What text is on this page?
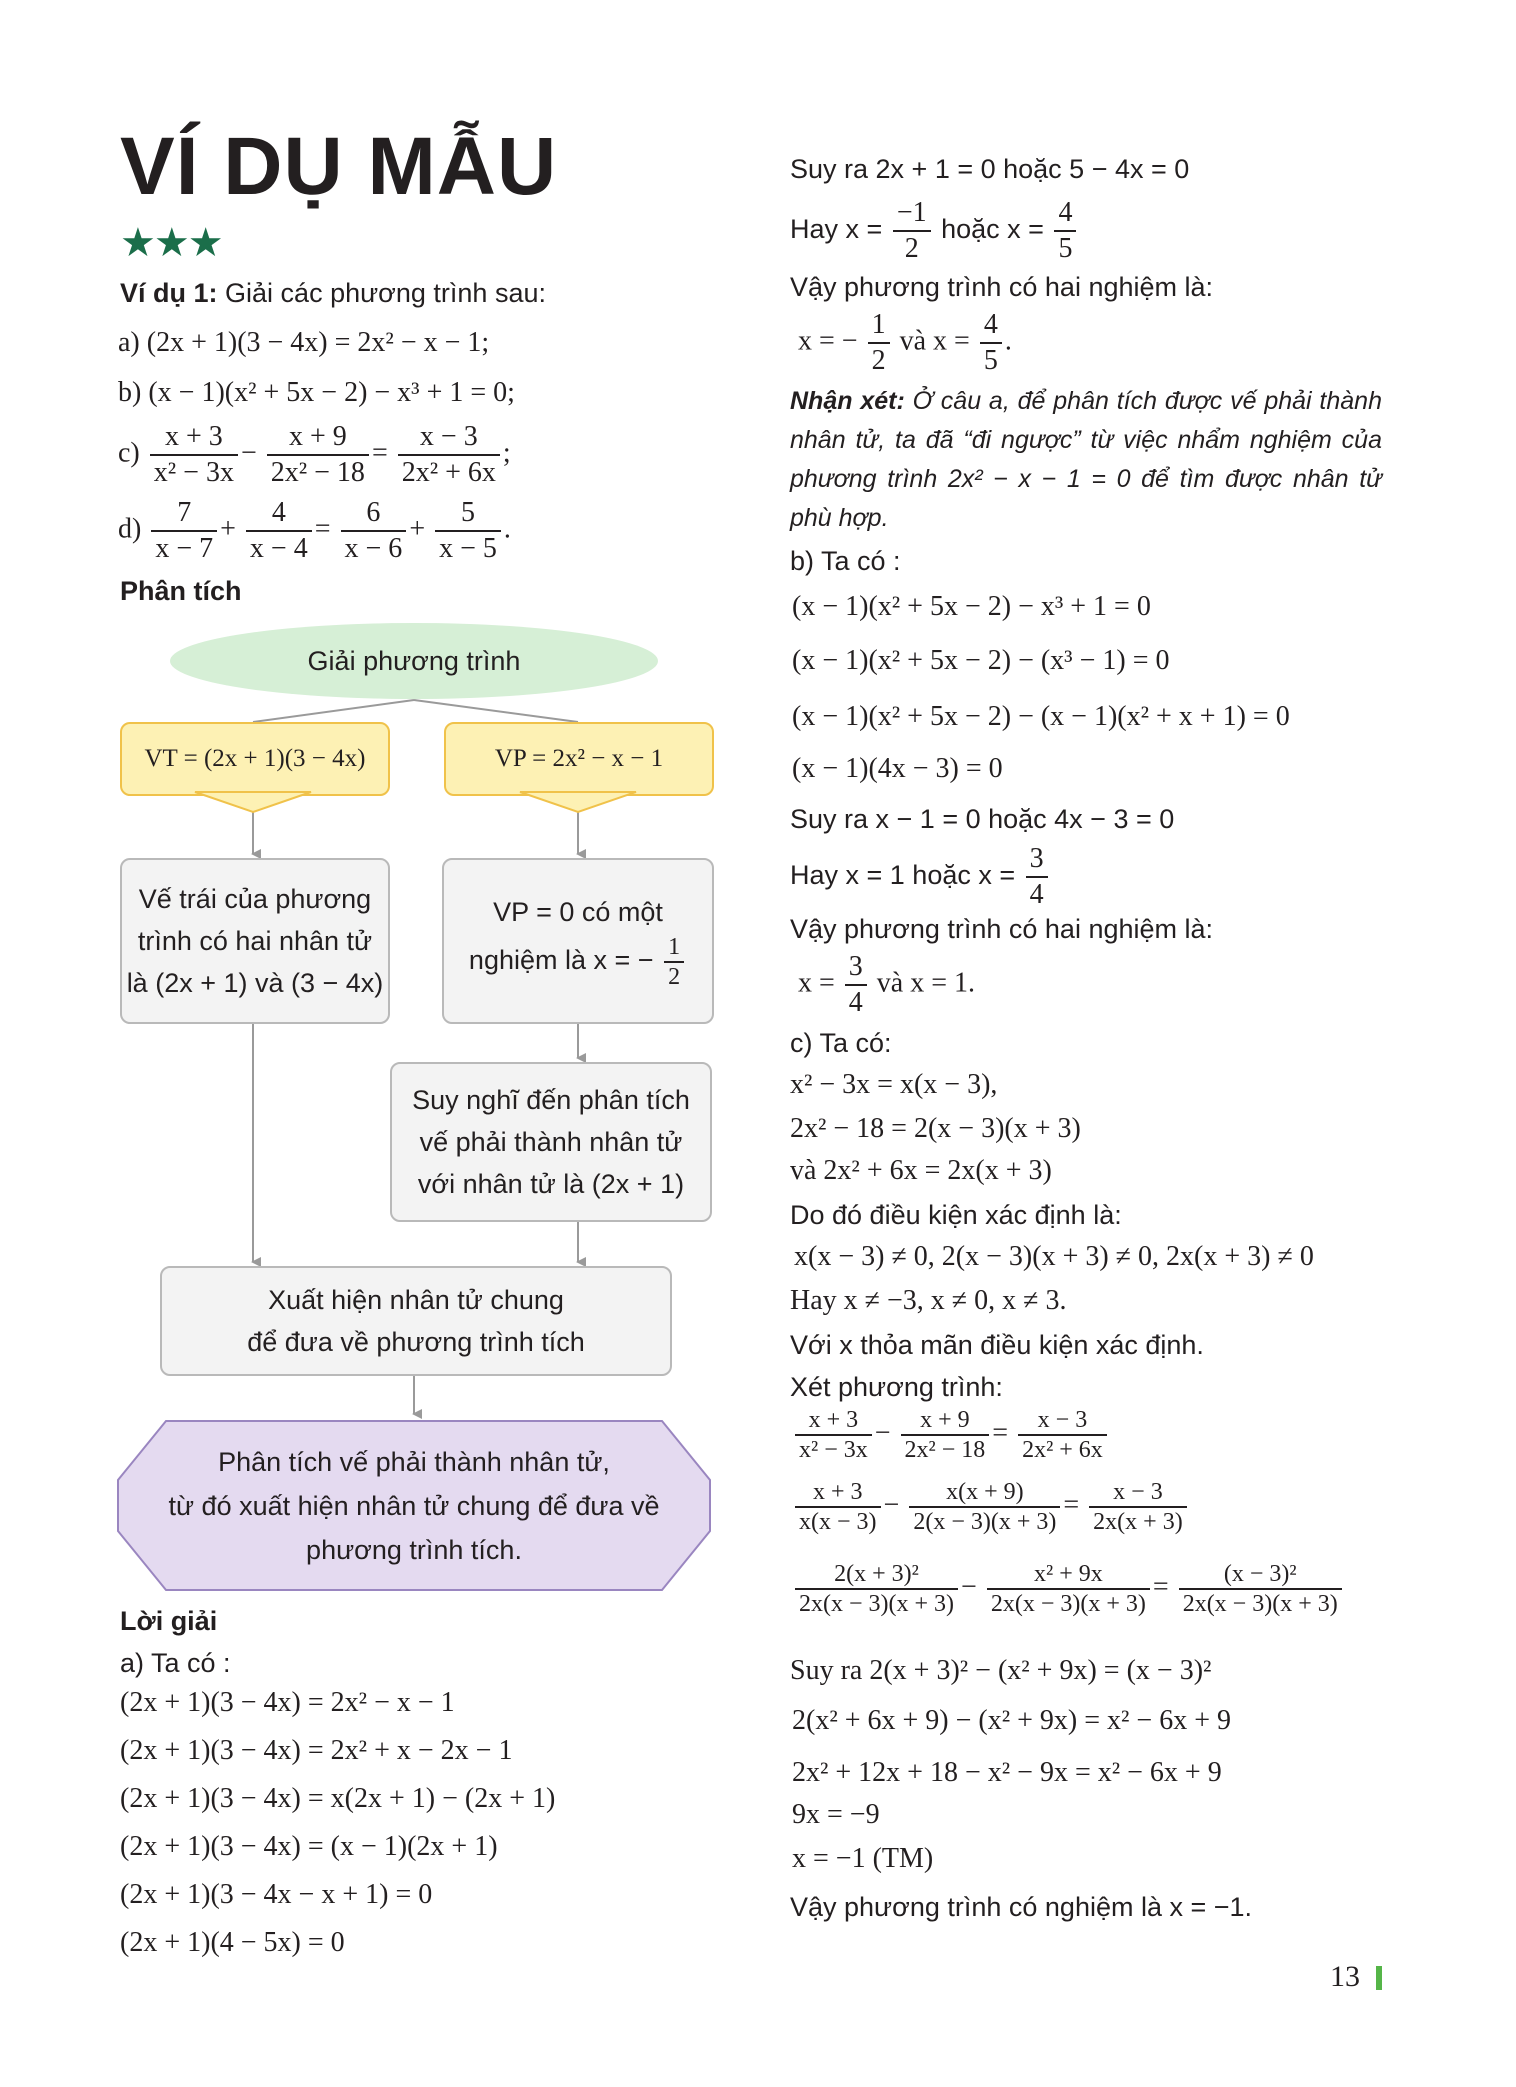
VÍ DỤ MẪU
★★★
Ví dụ 1: Giải các phương trình sau:
a) (2x + 1)(3 − 4x) = 2x² − x − 1;
b) (x − 1)(x² + 5x − 2) − x³ + 1 = 0;
$c) \frac{x + 3}{\text{x² − 3x}} - \frac{x + 9}{\text{2x² − 18}} = \frac{x - 3}{\text{2x² + 6x}}$ ;
$d) \frac{7}{x - 7} + \frac{4}{x - 4} = \frac{6}{x - 6} + \frac{5}{x - 5}$ .
Phân tích
Giải phương trình
VT = (2x + 1)(3 − 4x)	VP = 2x² − x − 1
Vế trái của phương
trình có hai nhân tử
là (2x + 1) và (3 − 4x)
VP = 0 có một
nghiệm là x = − $\frac{1}{2}$
Suy nghĩ đến phân tích
vế phải thành nhân tử
với nhân tử là (2x + 1)
Xuất hiện nhân tử chung
để đưa về phương trình tích
Phân tích vế phải thành nhân tử,
từ đó xuất hiện nhân tử chung để đưa về
phương trình tích.
Lời giải
a) Ta có :
(2x + 1)(3 − 4x) = 2x² − x − 1
(2x + 1)(3 − 4x) = 2x² + x − 2x − 1
(2x + 1)(3 − 4x) = x(2x + 1) − (2x + 1)
(2x + 1)(3 − 4x) = (x − 1)(2x + 1)
(2x + 1)(3 − 4x − x + 1) = 0
(2x + 1)(4 − 5x) = 0
Suy ra 2x + 1 = 0 hoặc 5 − 4x = 0
Hay $x = \frac{-1}{2}$ hoặc $x = \frac{4}{5}$
Vậy phương trình có hai nghiệm là:
x = − $\frac{1}{2}$ và $x = \frac{4}{5}$ .
Nhận xét: Ở câu a, để phân tích được vế phải thành nhân tử, ta đã “đi ngược” từ việc nhẩm nghiệm của phương trình 2x² − x − 1 = 0 để tìm được nhân tử phù hợp.
b) Ta có :
(x − 1)(x² + 5x − 2) − x³ + 1 = 0
(x − 1)(x² + 5x − 2) − (x³ − 1) = 0
(x − 1)(x² + 5x − 2) − (x − 1)(x² + x + 1) = 0
(x − 1)(4x − 3) = 0
Suy ra x − 1 = 0 hoặc 4x − 3 = 0
Hay x = 1 hoặc $x = \frac{3}{4}$
Vậy phương trình có hai nghiệm là:
$x = \frac{3}{4}$ và x = 1.
c) Ta có:
x² − 3x = x(x − 3),
2x² − 18 = 2(x − 3)(x + 3)
và 2x² + 6x = 2x(x + 3)
Do đó điều kiện xác định là:
x(x − 3) ≠ 0, 2(x − 3)(x + 3) ≠ 0, 2x(x + 3) ≠ 0
Hay x ≠ −3, x ≠ 0, x ≠ 3.
Với x thỏa mãn điều kiện xác định.
Xét phương trình:
$\frac{x + 3}{\text{x² − 3x}} - \frac{x + 9}{\text{2x² − 18}} = \frac{x - 3}{\text{2x² + 6x}}$
$\frac{x + 3}{x(x - 3)} - \frac{x(x + 9)}{2(x - 3)(x + 3)} = \frac{x - 3}{2x(x + 3)}$
$\frac{\text{2(x + 3)²}}{2x(x - 3)(x + 3)} - \frac{\text{x² + 9x}}{2x(x - 3)(x + 3)} = \frac{\text{(x − 3)²}}{2x(x - 3)(x + 3)}$
Suy ra 2(x + 3)² − (x² + 9x) = (x − 3)²
2(x² + 6x + 9) − (x² + 9x) = x² − 6x + 9
2x² + 12x + 18 − x² − 9x = x² − 6x + 9
9x = −9
x = −1 (TM)
Vậy phương trình có nghiệm là x = −1.
13
